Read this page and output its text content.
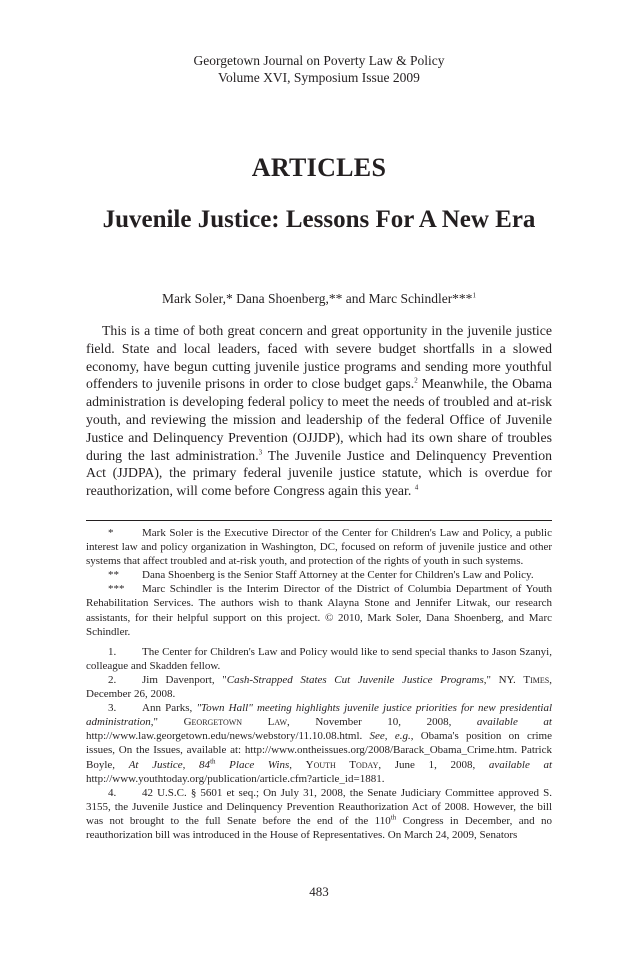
Georgetown Journal on Poverty Law & Policy
Volume XVI, Symposium Issue 2009
ARTICLES
Juvenile Justice: Lessons For A New Era
Mark Soler,* Dana Shoenberg,** and Marc Schindler***$^1$

This is a time of both great concern and great opportunity in the juvenile justice field. State and local leaders, faced with severe budget shortfalls in a slowed economy, have begun cutting juvenile justice programs and sending more youthful offenders to juvenile prisons in order to close budget gaps.$^2$ Meanwhile, the Obama administration is developing federal policy to meet the needs of troubled and at-risk youth, and reviewing the mission and leadership of the federal Office of Juvenile Justice and Delinquency Prevention (OJJDP), which had its own share of troubles during the last administration.$^3$ The Juvenile Justice and Delinquency Prevention Act (JJDPA), the primary federal juvenile justice statute, which is overdue for reauthorization, will come before Congress again this year. $^4$

*	Mark Soler is the Executive Director of the Center for Children's Law and Policy, a public interest law and policy organization in Washington, DC, focused on reform of juvenile justice and other systems that affect troubled and at-risk youth, and protection of the rights of youth in such systems.

** Dana Shoenberg is the Senior Staff Attorney at the Center for Children's Law and Policy.

*** Marc Schindler is the Interim Director of the District of Columbia Department of Youth Rehabilitation Services. The authors wish to thank Alayna Stone and Jennifer Litwak, our research assistants, for their helpful support on this project. © 2010, Mark Soler, Dana Shoenberg, and Marc Schindler.

1. The Center for Children's Law and Policy would like to send special thanks to Jason Szanyi, colleague and Skadden fellow.

2. Jim Davenport, "Cash-Strapped States Cut Juvenile Justice Programs," NY. Times, December 26, 2008.

3. Ann Parks, "Town Hall" meeting highlights juvenile justice priorities for new presidential administration," Georgetown Law, November 10, 2008, available at http://www.law.georgetown.edu/news/webstory/11.10.08.html. See, e.g., Obama's position on crime issues, On the Issues, available at: http://www.ontheissues.org/2008/Barack_Obama_Crime.htm. Patrick Boyle, At Justice, 84th Place Wins, Youth Today, June 1, 2008, available at http://www.youthtoday.org/publication/article.cfm?article_id=1881.

4. 42 U.S.C. § 5601 et seq.; On July 31, 2008, the Senate Judiciary Committee approved S. 3155, the Juvenile Justice and Delinquency Prevention Reauthorization Act of 2008. However, the bill was not brought to the full Senate before the end of the 110th Congress in December, and no reauthorization bill was introduced in the House of Representatives. On March 24, 2009, Senators

483
